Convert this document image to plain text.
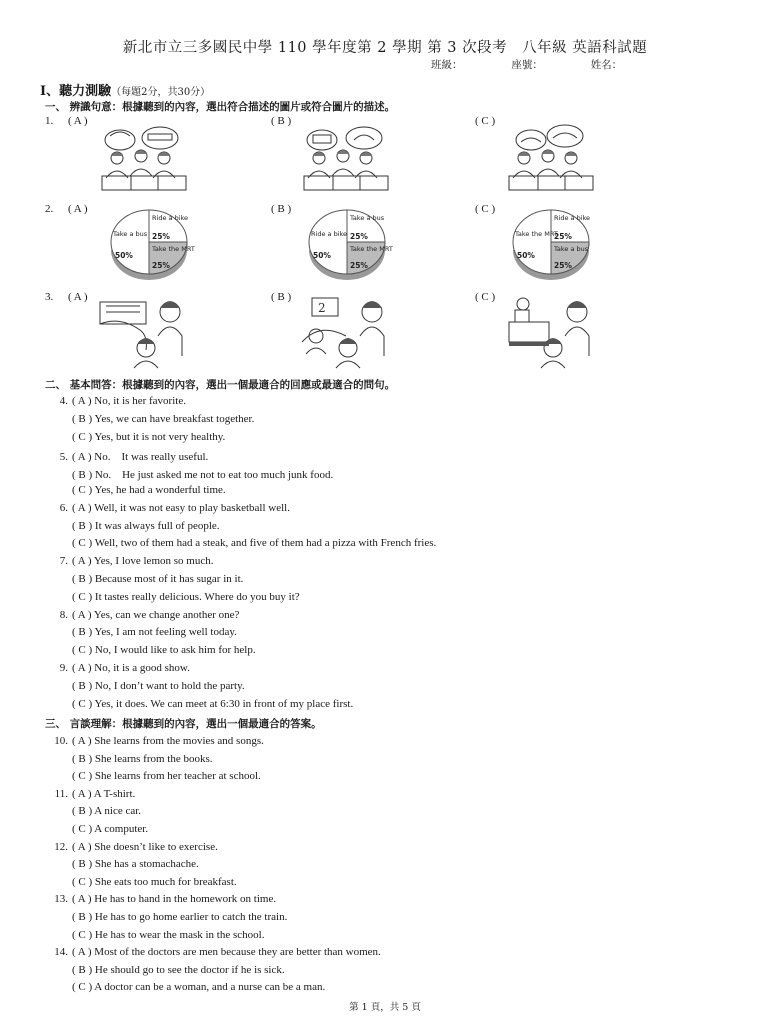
新北市立三多國民中學 110 學年度第 2 學期 第 3 次段考　八年級 英語科試題
班級：	座號：	姓名：
I、聽力測驗（每題2分，共30分）
一、 辨識句意：根據聽到的內容，選出符合描述的圖片或符合圖片的描述。
1. ( A )	( B )	( C )
2. ( A )	( B )	( C )
Ride a bike
25%
Take a bus
50%
Take the MRT
25%
Take a bus
25%
Ride a bike
50%
Take the MRT
25%
Ride a bike
25%
Take the MRT
50%
Take a bus
25%
3. ( A )	( B )	( C )
2
二、 基本問答：根據聽到的內容，選出一個最適合的回應或最適合的問句。
4. ( A ) No, it is her favorite.
( B ) Yes, we can have breakfast together.
( C ) Yes, but it is not very healthy.
5. ( A ) No.　It was really useful.
( B ) No.　He just asked me not to eat too much junk food.
( C ) Yes, he had a wonderful time.
6. ( A ) Well, it was not easy to play basketball well.
( B ) It was always full of people.
( C ) Well, two of them had a steak, and five of them had a pizza with French fries.
7. ( A ) Yes, I love lemon so much.
( B ) Because most of it has sugar in it.
( C ) It tastes really delicious. Where do you buy it?
8. ( A ) Yes, can we change another one?
( B ) Yes, I am not feeling well today.
( C ) No, I would like to ask him for help.
9. ( A ) No, it is a good show.
( B ) No, I don’t want to hold the party.
( C ) Yes, it does. We can meet at 6:30 in front of my place first.
三、 言談理解：根據聽到的內容，選出一個最適合的答案。
10. ( A ) She learns from the movies and songs.
( B ) She learns from the books.
( C ) She learns from her teacher at school.
11. ( A ) A T-shirt.
( B ) A nice car.
( C ) A computer.
12. ( A ) She doesn’t like to exercise.
( B ) She has a stomachache.
( C ) She eats too much for breakfast.
13. ( A ) He has to hand in the homework on time.
( B ) He has to go home earlier to catch the train.
( C ) He has to wear the mask in the school.
14. ( A ) Most of the doctors are men because they are better than women.
( B ) He should go to see the doctor if he is sick.
( C ) A doctor can be a woman, and a nurse can be a man.
第 1 頁，共 5 頁
